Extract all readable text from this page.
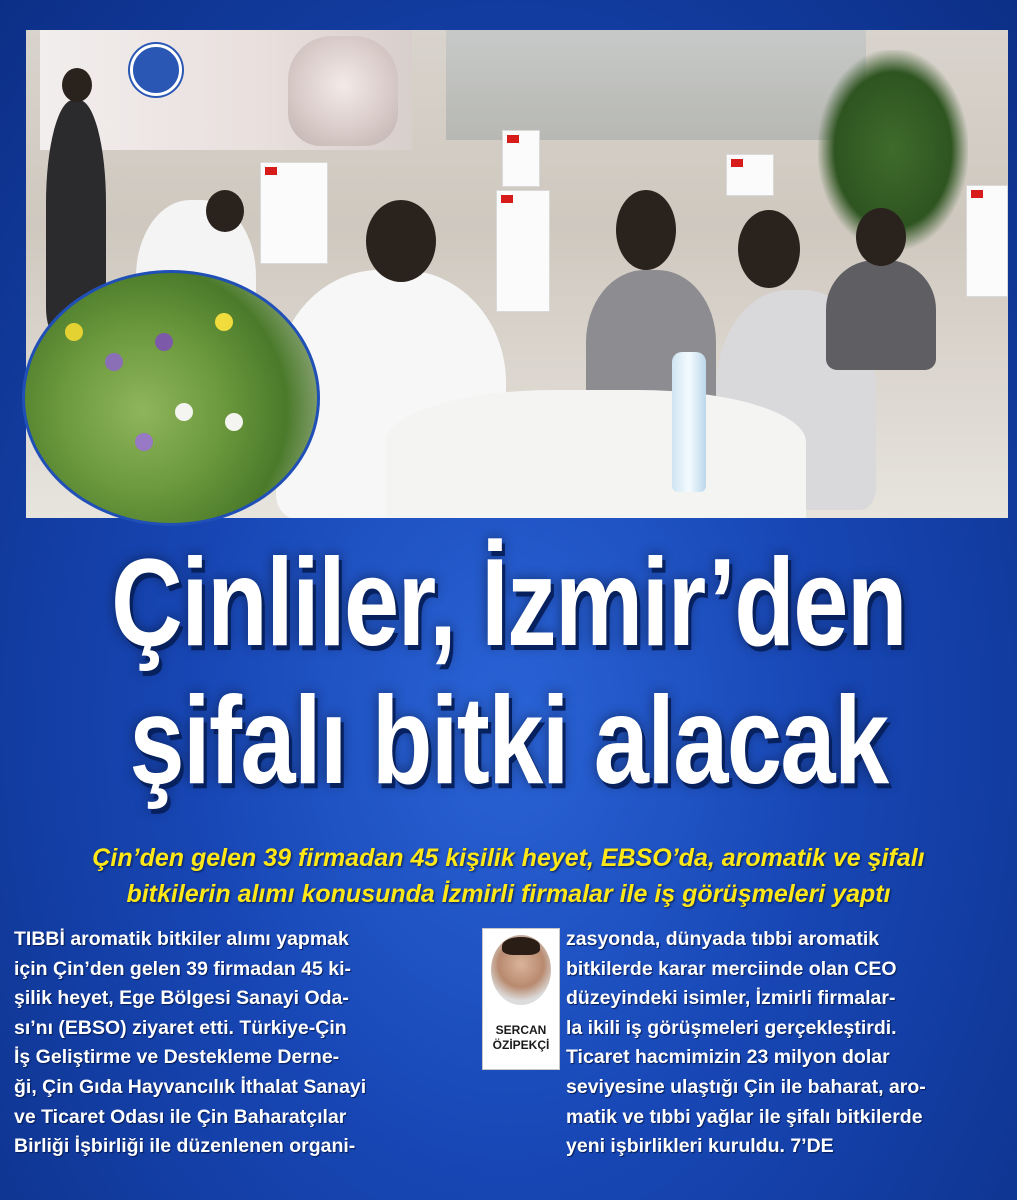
Çinliler, İzmir’den
şifalı bitki alacak
Çin’den gelen 39 firmadan 45 kişilik heyet, EBSO’da, aromatik ve şifalı
bitkilerin alımı konusunda İzmirli firmalar ile iş görüşmeleri yaptı
TIBBİ aromatik bitkiler alımı yapmak
için Çin’den gelen 39 firmadan 45 ki-
şilik heyet, Ege Bölgesi Sanayi Oda-
sı’nı (EBSO) ziyaret etti. Türkiye-Çin
İş Geliştirme ve Destekleme Derne-
ği, Çin Gıda Hayvancılık İthalat Sanayi
ve Ticaret Odası ile Çin Baharatçılar
Birliği İşbirliği ile düzenlenen organi-
SERCAN
ÖZİPEKÇİ
zasyonda, dünyada tıbbi aromatik
bitkilerde karar merciinde olan CEO
düzeyindeki isimler, İzmirli firmalar-
la ikili iş görüşmeleri gerçekleştirdi.
Ticaret hacmimizin 23 milyon dolar
seviyesine ulaştığı Çin ile baharat, aro-
matik ve tıbbi yağlar ile şifalı bitkilerde
yeni işbirlikleri kuruldu. 7’DE
